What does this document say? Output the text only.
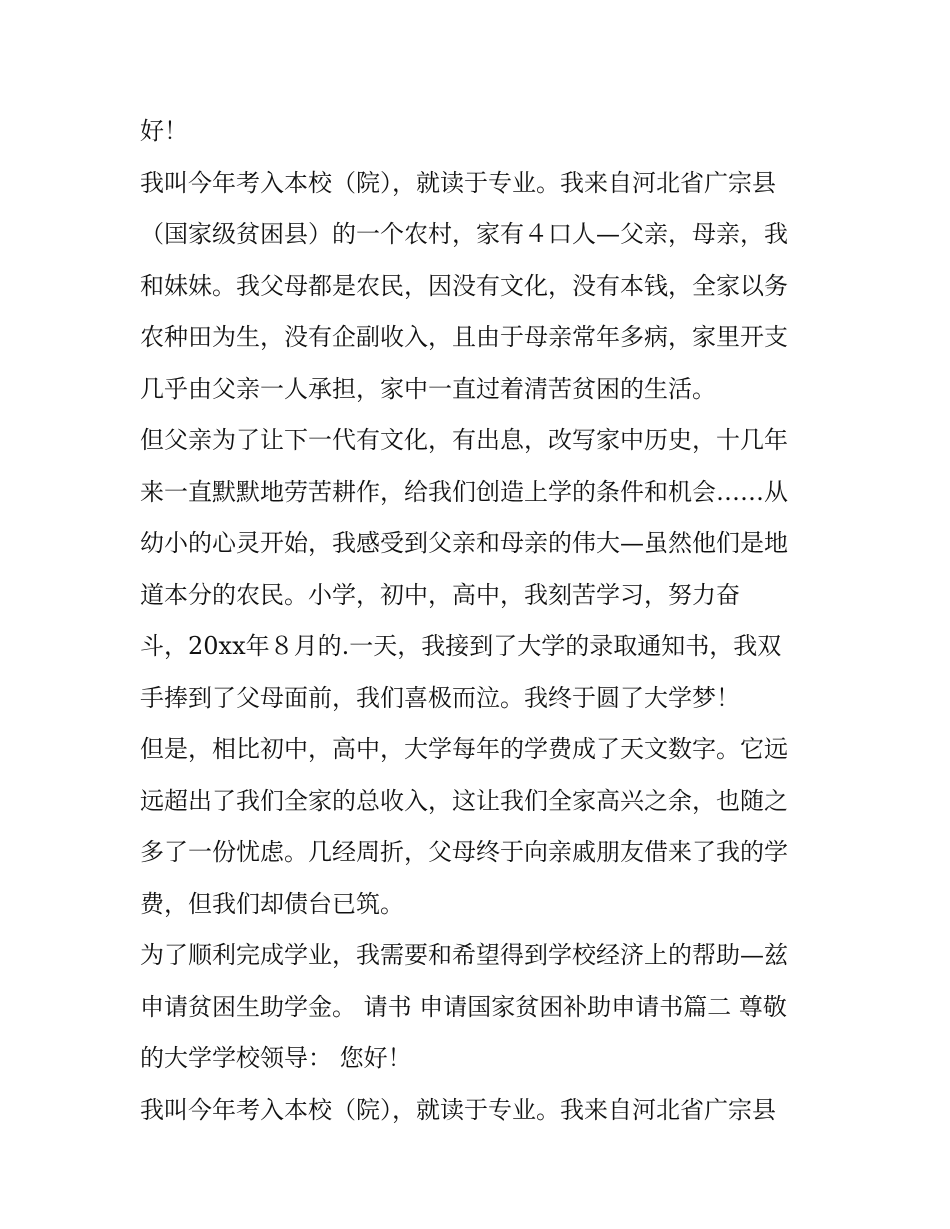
好！
我叫今年考入本校（院），就读于专业。我来自河北省广宗县
（国家级贫困县）的一个农村，家有４口人—父亲，母亲，我
和妹妹。我父母都是农民，因没有文化，没有本钱，全家以务
农种田为生，没有企副收入，且由于母亲常年多病，家里开支
几乎由父亲一人承担，家中一直过着清苦贫困的生活。
但父亲为了让下一代有文化，有出息，改写家中历史，十几年
来一直默默地劳苦耕作，给我们创造上学的条件和机会……从
幼小的心灵开始，我感受到父亲和母亲的伟大—虽然他们是地
道本分的农民。小学，初中，高中，我刻苦学习，努力奋
斗，20xx年８月的.一天，我接到了大学的录取通知书，我双
手捧到了父母面前，我们喜极而泣。我终于圆了大学梦！
但是，相比初中，高中，大学每年的学费成了天文数字。它远
远超出了我们全家的总收入，这让我们全家高兴之余，也随之
多了一份忧虑。几经周折，父母终于向亲戚朋友借来了我的学
费，但我们却债台已筑。
为了顺利完成学业，我需要和希望得到学校经济上的帮助—兹
申请贫困生助学金。 请书 申请国家贫困补助申请书篇二 尊敬
的大学学校领导： 您好！
我叫今年考入本校（院），就读于专业。我来自河北省广宗县
